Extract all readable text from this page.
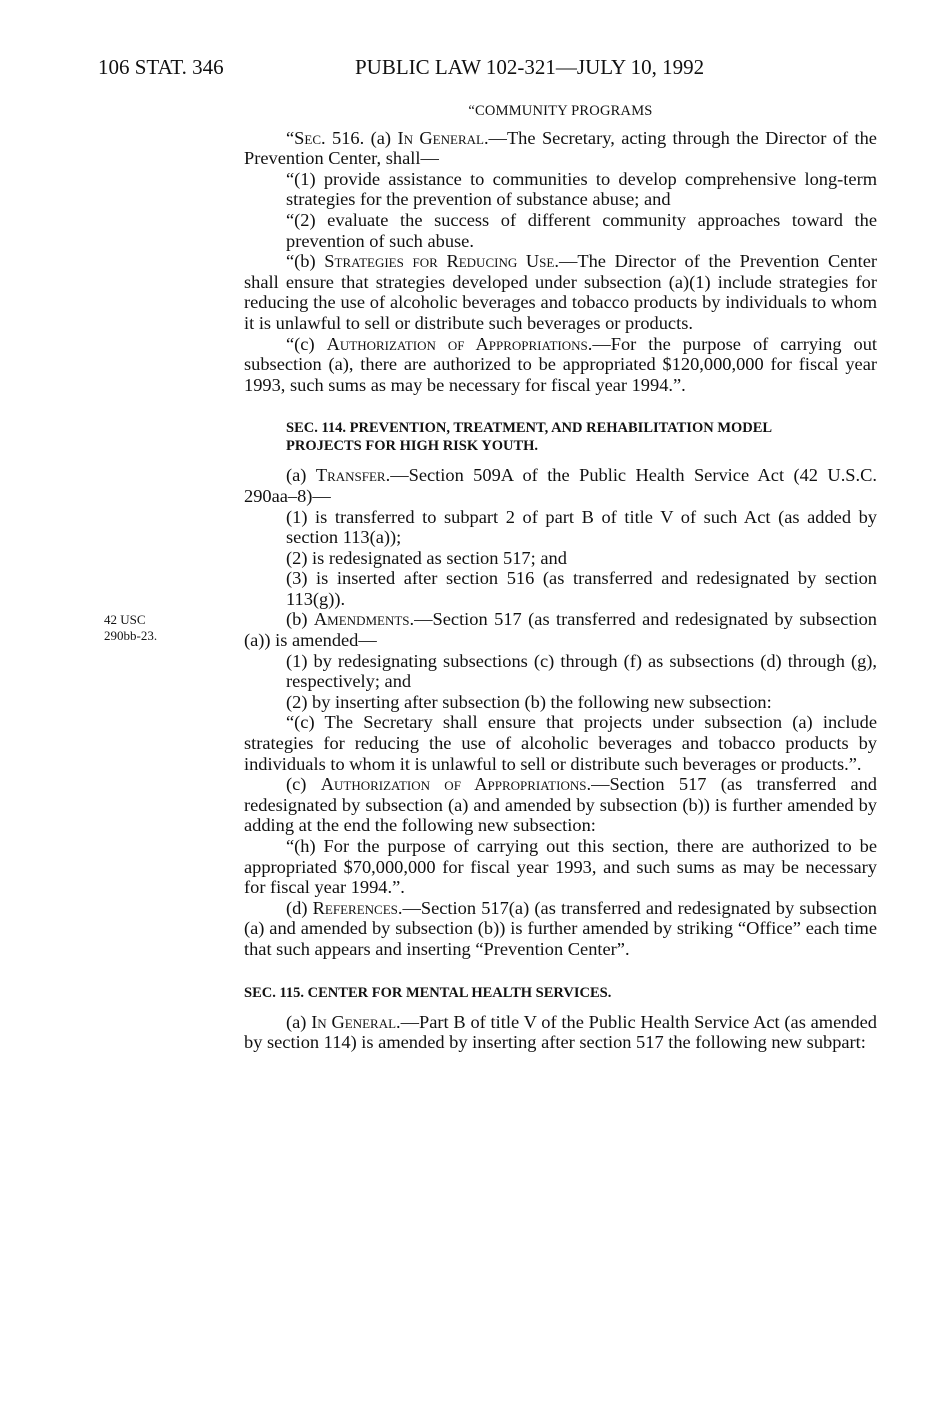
106 STAT. 346	PUBLIC LAW 102-321—JULY 10, 1992
42 USC
290bb-23.

“COMMUNITY PROGRAMS

“Sec. 516. (a) In General.—The Secretary, acting through the Director of the Prevention Center, shall—

“(1) provide assistance to communities to develop comprehensive long-term strategies for the prevention of substance abuse; and

“(2) evaluate the success of different community approaches toward the prevention of such abuse.

“(b) Strategies for Reducing Use.—The Director of the Prevention Center shall ensure that strategies developed under subsection (a)(1) include strategies for reducing the use of alcoholic beverages and tobacco products by individuals to whom it is unlawful to sell or distribute such beverages or products.

“(c) Authorization of Appropriations.—For the purpose of carrying out subsection (a), there are authorized to be appropriated $120,000,000 for fiscal year 1993, such sums as may be necessary for fiscal year 1994.”.

SEC. 114. PREVENTION, TREATMENT, AND REHABILITATION MODEL
PROJECTS FOR HIGH RISK YOUTH.

(a) Transfer.—Section 509A of the Public Health Service Act (42 U.S.C. 290aa–8)—

(1) is transferred to subpart 2 of part B of title V of such Act (as added by section 113(a));

(2) is redesignated as section 517; and

(3) is inserted after section 516 (as transferred and redesignated by section 113(g)).

(b) Amendments.—Section 517 (as transferred and redesignated by subsection (a)) is amended—

(1) by redesignating subsections (c) through (f) as subsections (d) through (g), respectively; and

(2) by inserting after subsection (b) the following new subsection:

“(c) The Secretary shall ensure that projects under subsection (a) include strategies for reducing the use of alcoholic beverages and tobacco products by individuals to whom it is unlawful to sell or distribute such beverages or products.”.

(c) Authorization of Appropriations.—Section 517 (as transferred and redesignated by subsection (a) and amended by subsection (b)) is further amended by adding at the end the following new subsection:

“(h) For the purpose of carrying out this section, there are authorized to be appropriated $70,000,000 for fiscal year 1993, and such sums as may be necessary for fiscal year 1994.”.

(d) References.—Section 517(a) (as transferred and redesignated by subsection (a) and amended by subsection (b)) is further amended by striking “Office” each time that such appears and inserting “Prevention Center”.

SEC. 115. CENTER FOR MENTAL HEALTH SERVICES.

(a) In General.—Part B of title V of the Public Health Service Act (as amended by section 114) is amended by inserting after section 517 the following new subpart:
